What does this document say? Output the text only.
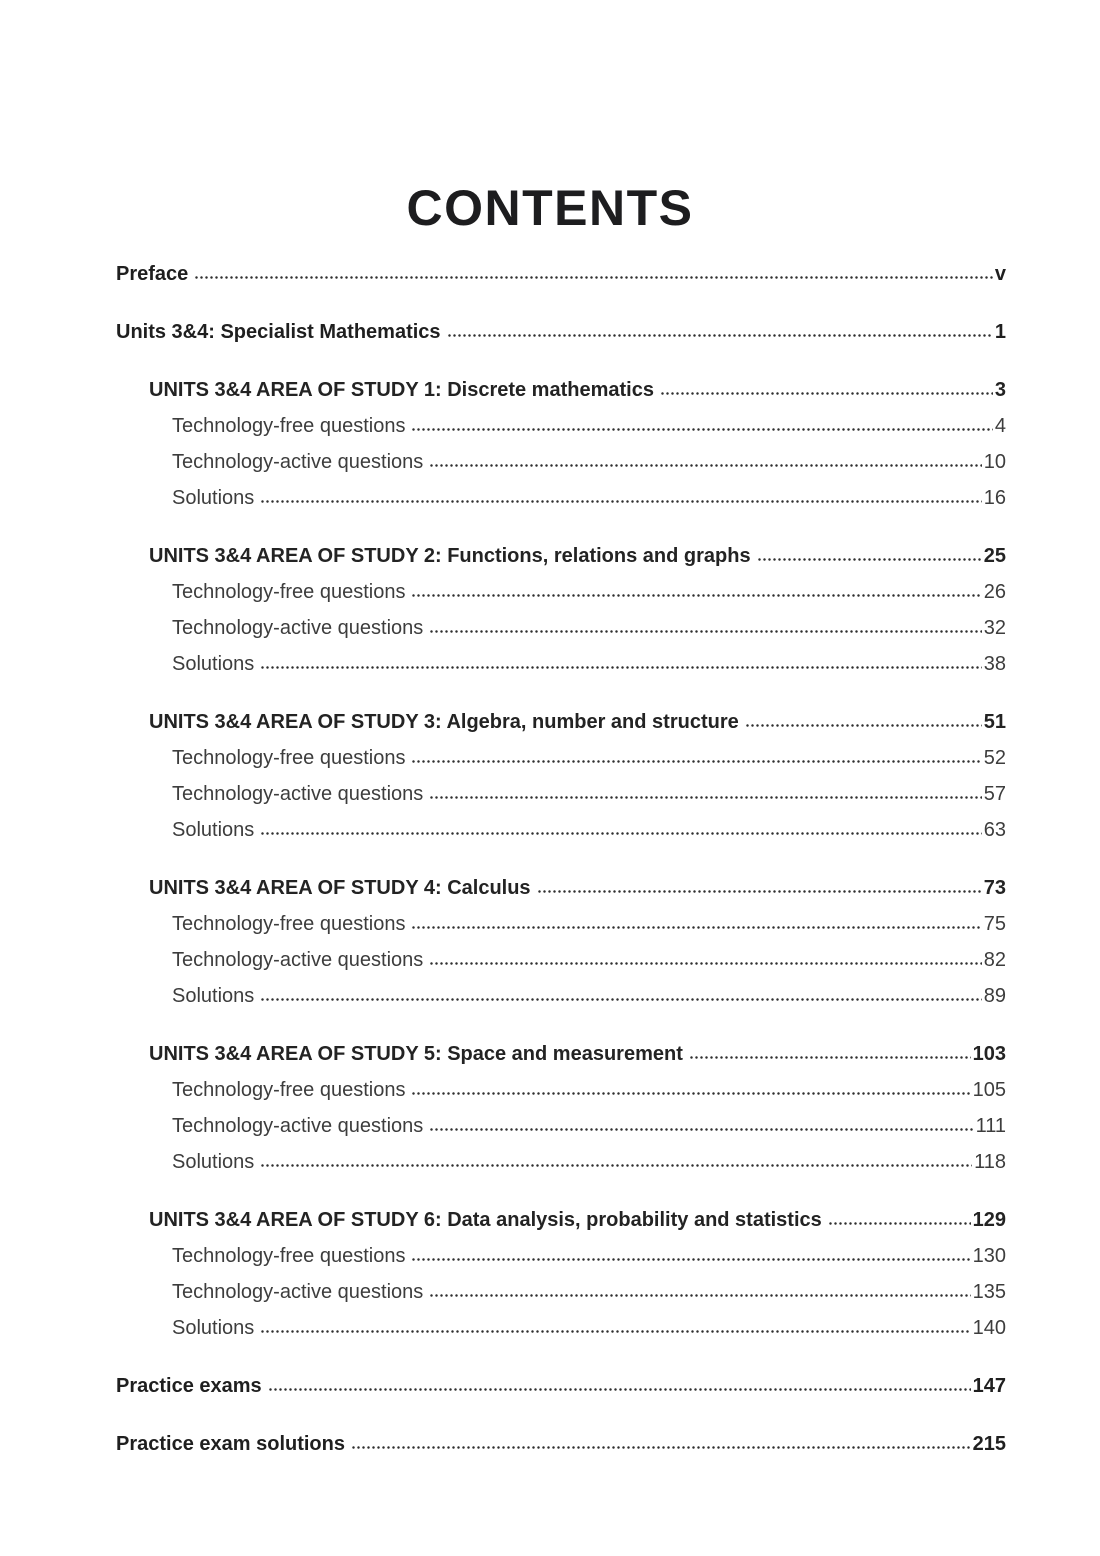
CONTENTS
Preface	v
Units 3&4: Specialist Mathematics	1
UNITS 3&4 AREA OF STUDY 1: Discrete mathematics	3
Technology-free questions	4
Technology-active questions	10
Solutions	16
UNITS 3&4 AREA OF STUDY 2: Functions, relations and graphs	25
Technology-free questions	26
Technology-active questions	32
Solutions	38
UNITS 3&4 AREA OF STUDY 3: Algebra, number and structure	51
Technology-free questions	52
Technology-active questions	57
Solutions	63
UNITS 3&4 AREA OF STUDY 4: Calculus	73
Technology-free questions	75
Technology-active questions	82
Solutions	89
UNITS 3&4 AREA OF STUDY 5: Space and measurement	103
Technology-free questions	105
Technology-active questions	111
Solutions	118
UNITS 3&4 AREA OF STUDY 6: Data analysis, probability and statistics	129
Technology-free questions	130
Technology-active questions	135
Solutions	140
Practice exams	147
Practice exam solutions	215
